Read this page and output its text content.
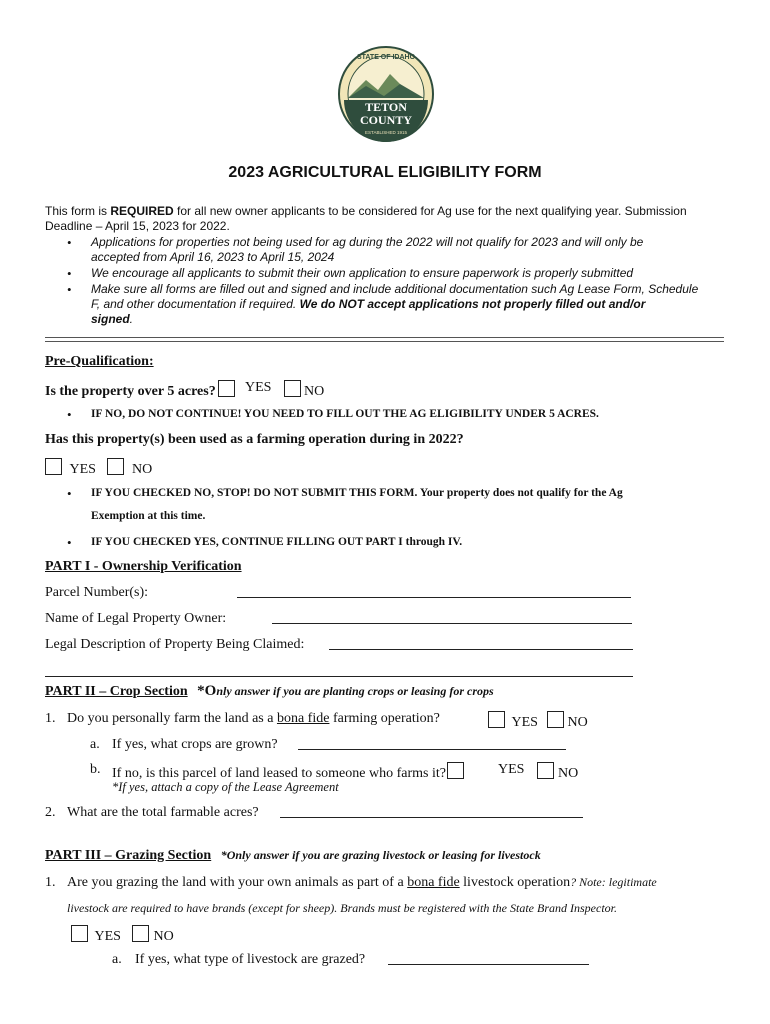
STATE OF IDAHO
TETON
COUNTY
ESTABLISHED 1915
2023 AGRICULTURAL ELIGIBILITY FORM
This form is REQUIRED for all new owner applicants to be considered for Ag use for the next qualifying year. Submission
Deadline – April 15, 2023 for 2022.
• Applications for properties not being used for ag during the 2022 will not qualify for 2023 and will only be
accepted from April 16, 2023 to April 15, 2024
• We encourage all applicants to submit their own application to ensure paperwork is properly submitted
• Make sure all forms are filled out and signed and include additional documentation such Ag Lease Form, Schedule
F, and other documentation if required. We do NOT accept applications not properly filled out and/or
signed.
Pre-Qualification:
Is the property over 5 acres?	YES	NO
• IF NO, DO NOT CONTINUE! YOU NEED TO FILL OUT THE AG ELIGIBILITY UNDER 5 ACRES.
Has this property(s) been used as a farming operation during in 2022?
YES	NO
• IF YOU CHECKED NO, STOP! DO NOT SUBMIT THIS FORM. Your property does not qualify for the Ag
Exemption at this time.
• IF YOU CHECKED YES, CONTINUE FILLING OUT PART I through IV.
PART I - Ownership Verification
Parcel Number(s):
Name of Legal Property Owner:
Legal Description of Property Being Claimed:
PART II – Crop Section *Only answer if you are planting crops or leasing for crops
1. Do you personally farm the land as a bona fide farming operation?	YES NO
a. If yes, what crops are grown?
b. If no, is this parcel of land leased to someone who farms it?	YES	NO
*If yes, attach a copy of the Lease Agreement
2. What are the total farmable acres?
PART III – Grazing Section *Only answer if you are grazing livestock or leasing for livestock
1. Are you grazing the land with your own animals as part of a bona fide livestock operation? Note: legitimate
livestock are required to have brands (except for sheep). Brands must be registered with the State Brand Inspector.
YES NO
a. If yes, what type of livestock are grazed?
